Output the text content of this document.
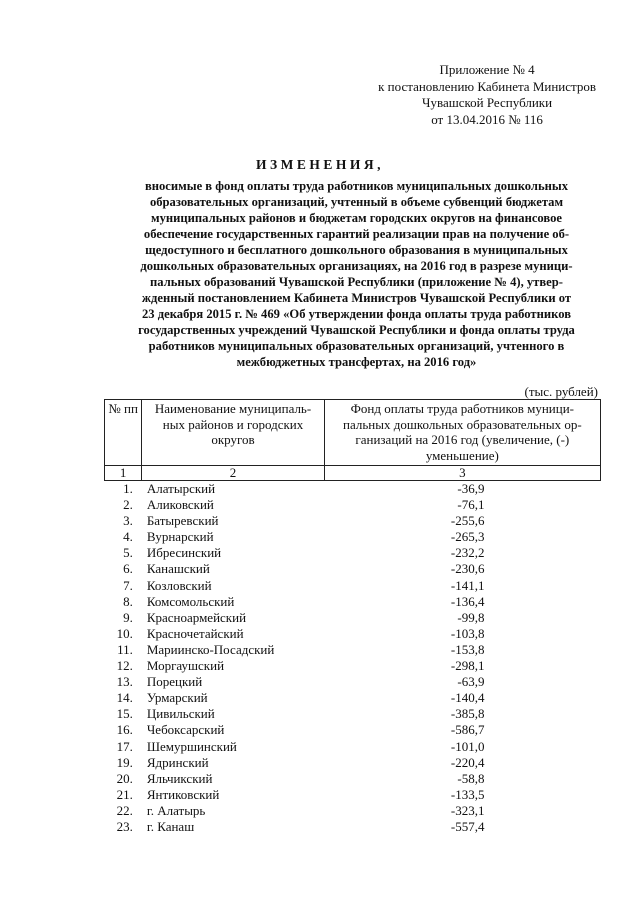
Приложение № 4
к постановлению Кабинета Министров
Чувашской Республики
от 13.04.2016 № 116
ИЗМЕНЕНИЯ,
вносимые в фонд оплаты труда работников муниципальных дошкольных
образовательных организаций, учтенный в объеме субвенций бюджетам
муниципальных районов и бюджетам городских округов на финансовое
обеспечение государственных гарантий реализации прав на получение об-
щедоступного и бесплатного дошкольного образования в муниципальных
дошкольных образовательных организациях, на 2016 год в разрезе муници-
пальных образований Чувашской Республики (приложение № 4), утвер-
жденный постановлением Кабинета Министров Чувашской Республики от
23 декабря 2015 г. № 469 «Об утверждении фонда оплаты труда работников
государственных учреждений Чувашской Республики и фонда оплаты труда
работников муниципальных образовательных организаций, учтенного в
межбюджетных трансфертах, на 2016 год»
(тыс. рублей)
№ пп	Наименование муниципаль- ных районов и городских округов	Фонд оплаты труда работников муници- пальных дошкольных образовательных ор- ганизаций на 2016 год (увеличение, (-) уменьшение)
1	2	3
1.	Алатырский	-36,9
2.	Аликовский	-76,1
3.	Батыревский	-255,6
4.	Вурнарский	-265,3
5.	Ибресинский	-232,2
6.	Канашский	-230,6
7.	Козловский	-141,1
8.	Комсомольский	-136,4
9.	Красноармейский	-99,8
10.	Красночетайский	-103,8
11.	Мариинско-Посадский	-153,8
12.	Моргаушский	-298,1
13.	Порецкий	-63,9
14.	Урмарский	-140,4
15.	Цивильский	-385,8
16.	Чебоксарский	-586,7
17.	Шемуршинский	-101,0
19.	Ядринский	-220,4
20.	Яльчикский	-58,8
21.	Янтиковский	-133,5
22.	г. Алатырь	-323,1
23.	г. Канаш	-557,4
